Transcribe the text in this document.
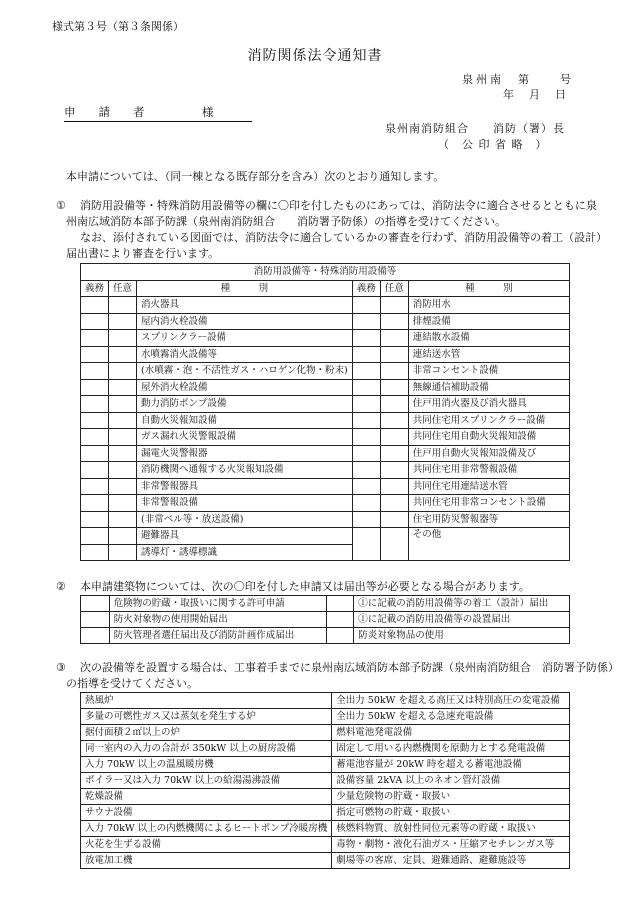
様式第３号（第３条関係）
消防関係法令通知書
泉州南　第　　号
年　月　日
申　　請　　者　　　　　様
泉州南消防組合　　消防（署）長
（　公 印 省 略　）
本申請については、（同一棟となる既存部分を含み）次のとおり通知します。
① 消防用設備等・特殊消防用設備等の欄に〇印を付したものにあっては、消防法令に適合させるとともに泉
州南広域消防本部予防課（泉州南消防組合　　消防署予防係）の指導を受けてください。
なお、添付されている図面では、消防法令に適合しているかの審査を行わず、消防用設備等の着工（設計）
届出書により審査を行います。
消防用設備等・特殊消防用設備等					
義務	任意	種　　　別	義務	任意	種　　　別
		消火器具			消防用水
		屋内消火栓設備			排煙設備
		スプリンクラー設備			連結散水設備
		水噴霧消火設備等			連結送水管
		(水噴霧・泡・不活性ガス・ハロゲン化物・粉末)			非常コンセント設備
		屋外消火栓設備			無線通信補助設備
		動力消防ポンプ設備			住戸用消火器及び消火器具
		自動火災報知設備			共同住宅用スプリンクラー設備
		ガス漏れ火災警報設備			共同住宅用自動火災報知設備
		漏電火災警報器			住戸用自動火災報知設備及び
		消防機関へ通報する火災報知設備			共同住宅用非常警報設備
		非常警報器具			共同住宅用連結送水管
		非常警報設備			共同住宅用非常コンセント設備
		(非常ベル等・放送設備)			住宅用防災警報器等
		避難器具			その他
		誘導灯・誘導標識			
② 本申請建築物については、次の〇印を付した申請又は届出等が必要となる場合があります。
	危険物の貯蔵・取扱いに関する許可申請		①に記載の消防用設備等の着工（設計）届出
	防火対象物の使用開始届出		①に記載の消防用設備等の設置届出
	防火管理者選任届出及び消防計画作成届出		防炎対象物品の使用
③ 次の設備等を設置する場合は、工事着手までに泉州南広域消防本部予防課（泉州南消防組合　消防署予防係）
の指導を受けてください。
熱風炉	全出力 50kW を超える高圧又は特別高圧の変電設備
多量の可燃性ガス又は蒸気を発生する炉	全出力 50kW を超える急速充電設備
据付面積２㎡以上の炉	燃料電池発電設備
同一室内の入力の合計が 350kW 以上の厨房設備	固定して用いる内燃機関を原動力とする発電設備
入力 70kW 以上の温風暖房機	蓄電池容量が 20kW 時を超える蓄電池設備
ボイラー又は入力 70kW 以上の給湯湯沸設備	設備容量 2kVA 以上のネオン管灯設備
乾燥設備	少量危険物の貯蔵・取扱い
サウナ設備	指定可燃物の貯蔵・取扱い
入力 70kW 以上の内燃機関によるヒートポンプ冷暖房機	核燃料物質、放射性同位元素等の貯蔵・取扱い
火花を生ずる設備	毒物・劇物・液化石油ガス・圧縮アセチレンガス等
放電加工機	劇場等の客席、定員、避難通路、避難施設等
